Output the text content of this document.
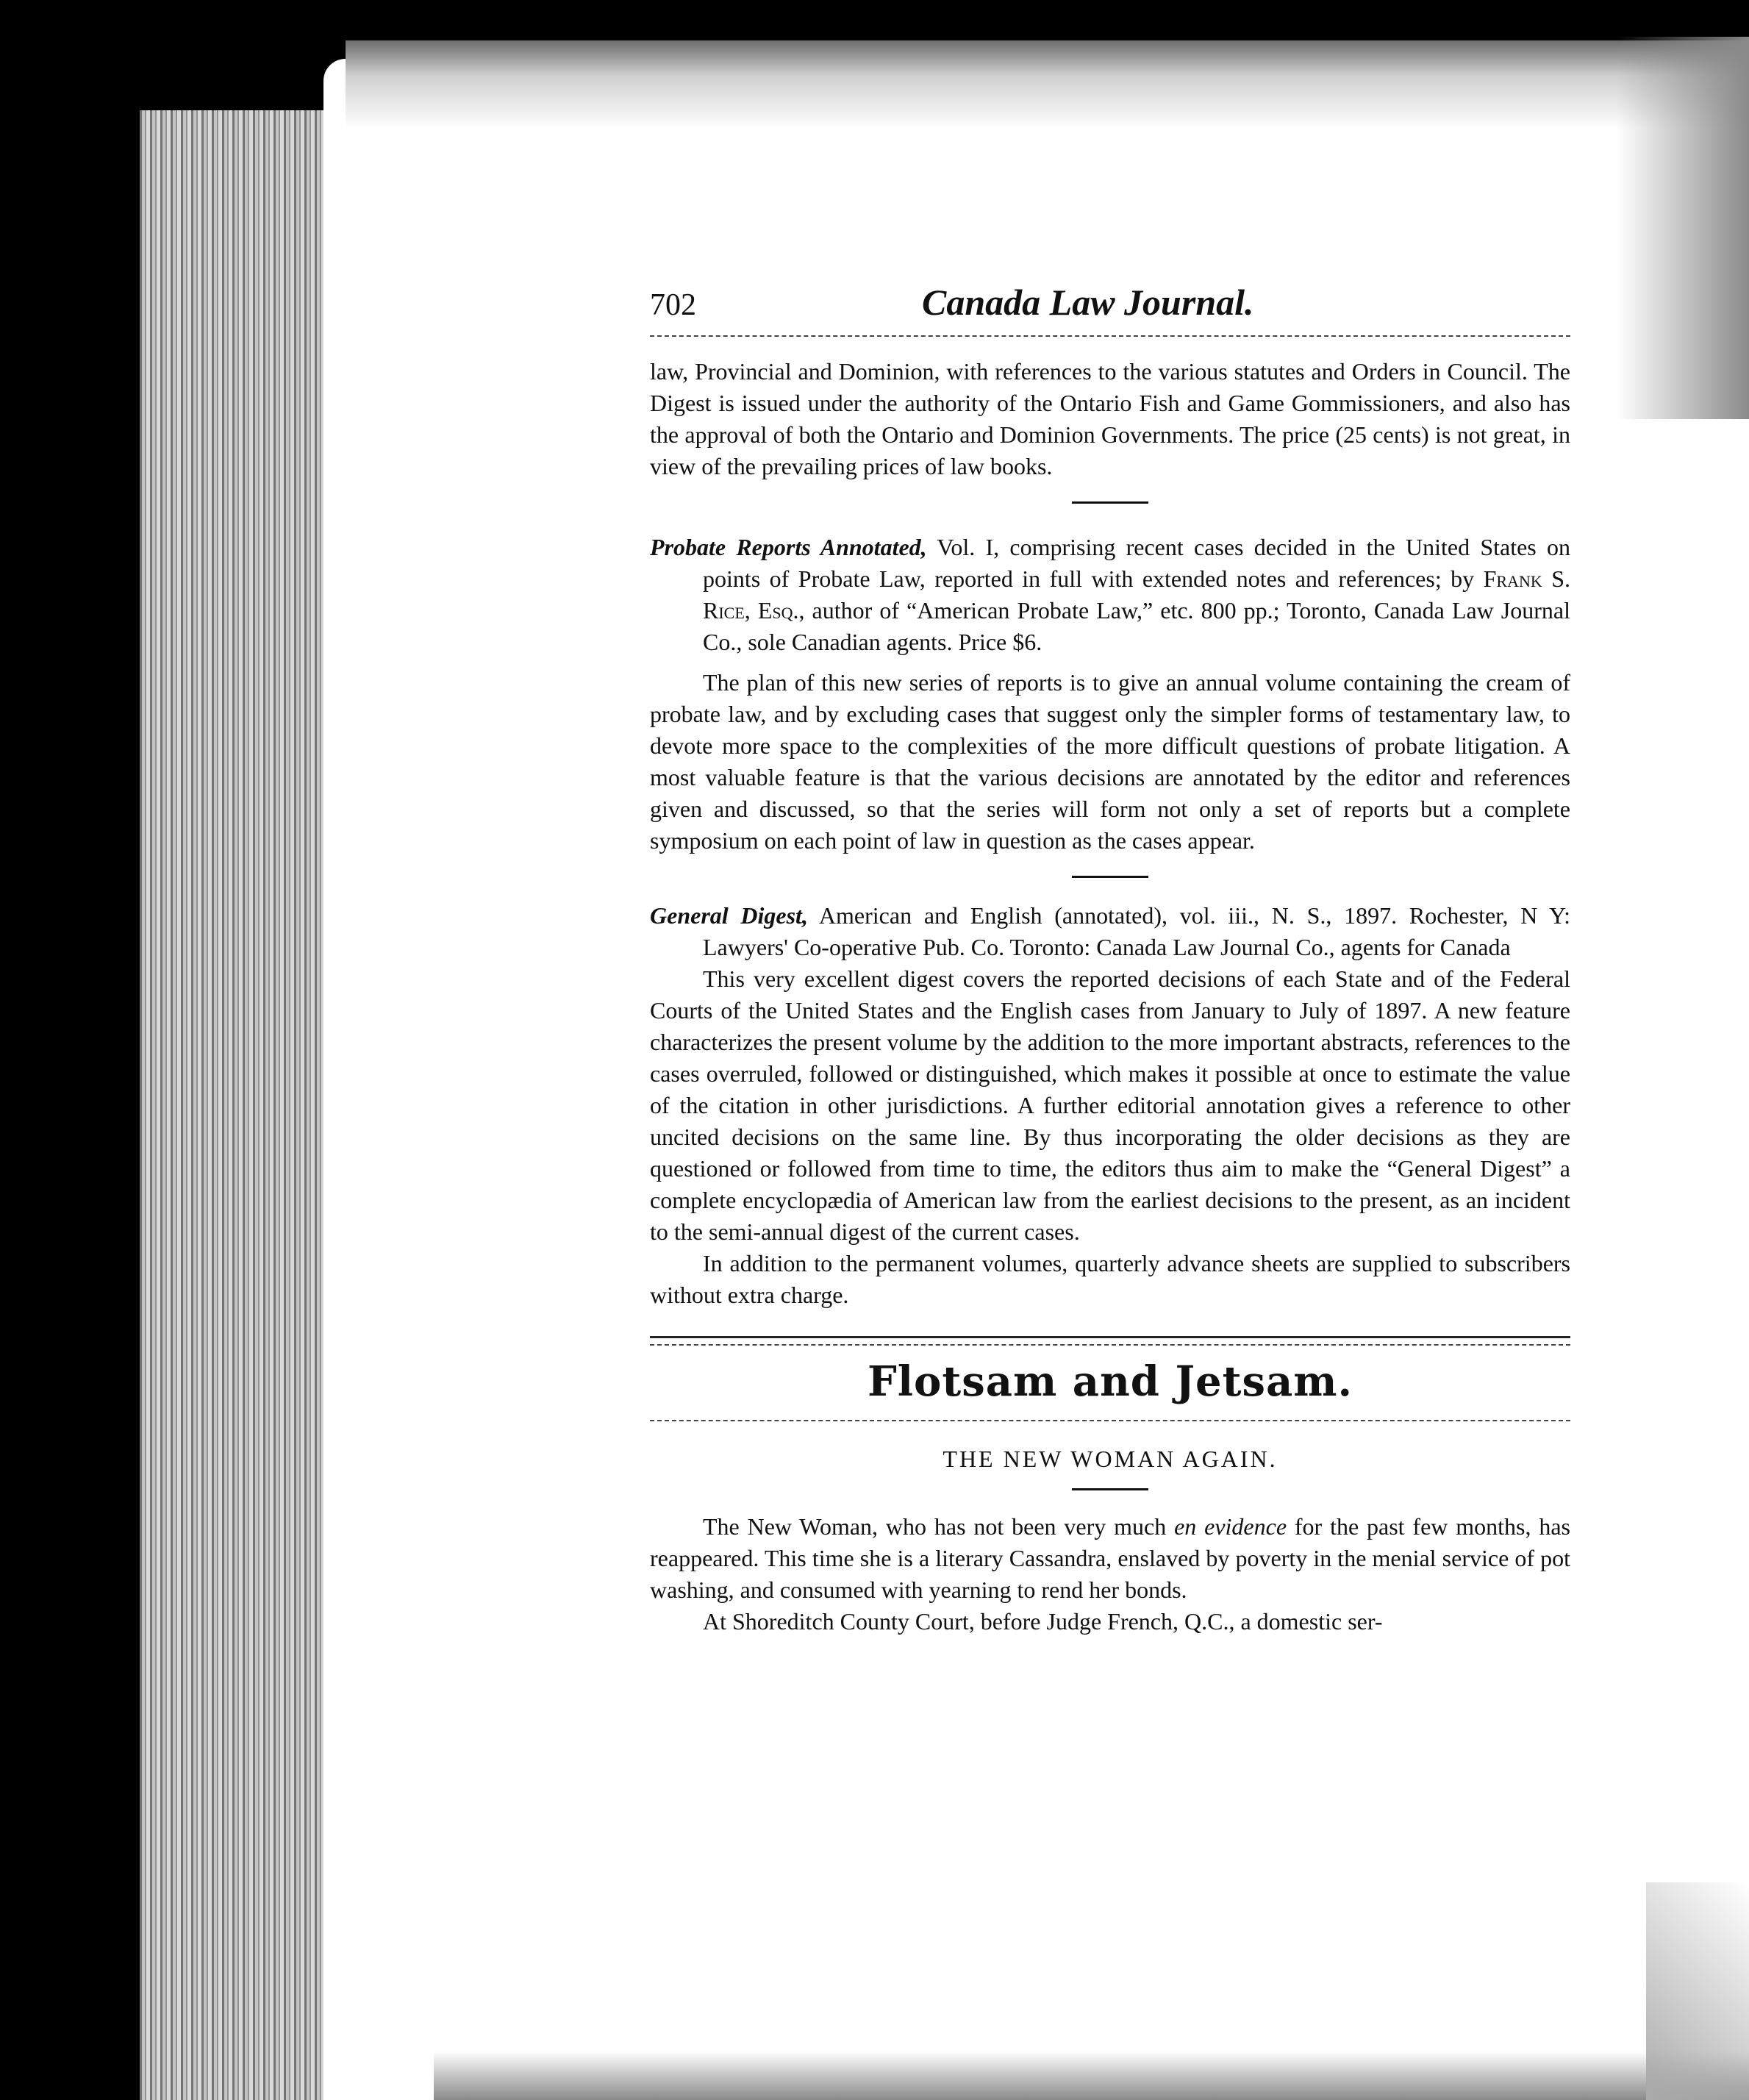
702	Canada Law Journal.

law, Provincial and Dominion, with references to the various statutes and Orders in Council. The Digest is issued under the authority of the Ontario Fish and Game Gommissioners, and also has the approval of both the Ontario and Dominion Governments. The price (25 cents) is not great, in view of the prevailing prices of law books.

Probate Reports Annotated, Vol. I, comprising recent cases decided in the United States on points of Probate Law, reported in full with extended notes and references; by Frank S. Rice, Esq., author of “American Probate Law,” etc. 800 pp.; Toronto, Canada Law Journal Co., sole Canadian agents. Price $6.

The plan of this new series of reports is to give an annual volume containing the cream of probate law, and by excluding cases that suggest only the simpler forms of testamentary law, to devote more space to the complexities of the more difficult questions of probate litigation. A most valuable feature is that the various decisions are annotated by the editor and references given and discussed, so that the series will form not only a set of reports but a complete symposium on each point of law in question as the cases appear.

General Digest, American and English (annotated), vol. iii., N. S., 1897. Rochester, N Y: Lawyers' Co-operative Pub. Co. Toronto: Canada Law Journal Co., agents for Canada

This very excellent digest covers the reported decisions of each State and of the Federal Courts of the United States and the English cases from January to July of 1897. A new feature characterizes the present volume by the addition to the more important abstracts, references to the cases overruled, followed or distinguished, which makes it possible at once to estimate the value of the citation in other jurisdictions. A further editorial annotation gives a reference to other uncited decisions on the same line. By thus incorporating the older decisions as they are questioned or followed from time to time, the editors thus aim to make the “General Digest” a complete encyclopædia of American law from the earliest decisions to the present, as an incident to the semi-annual digest of the current cases.

In addition to the permanent volumes, quarterly advance sheets are supplied to subscribers without extra charge.

Flotsam and Jetsam.
THE NEW WOMAN AGAIN.

The New Woman, who has not been very much en evidence for the past few months, has reappeared. This time she is a literary Cassandra, enslaved by poverty in the menial service of pot washing, and consumed with yearning to rend her bonds.

At Shoreditch County Court, before Judge French, Q.C., a domestic ser-
